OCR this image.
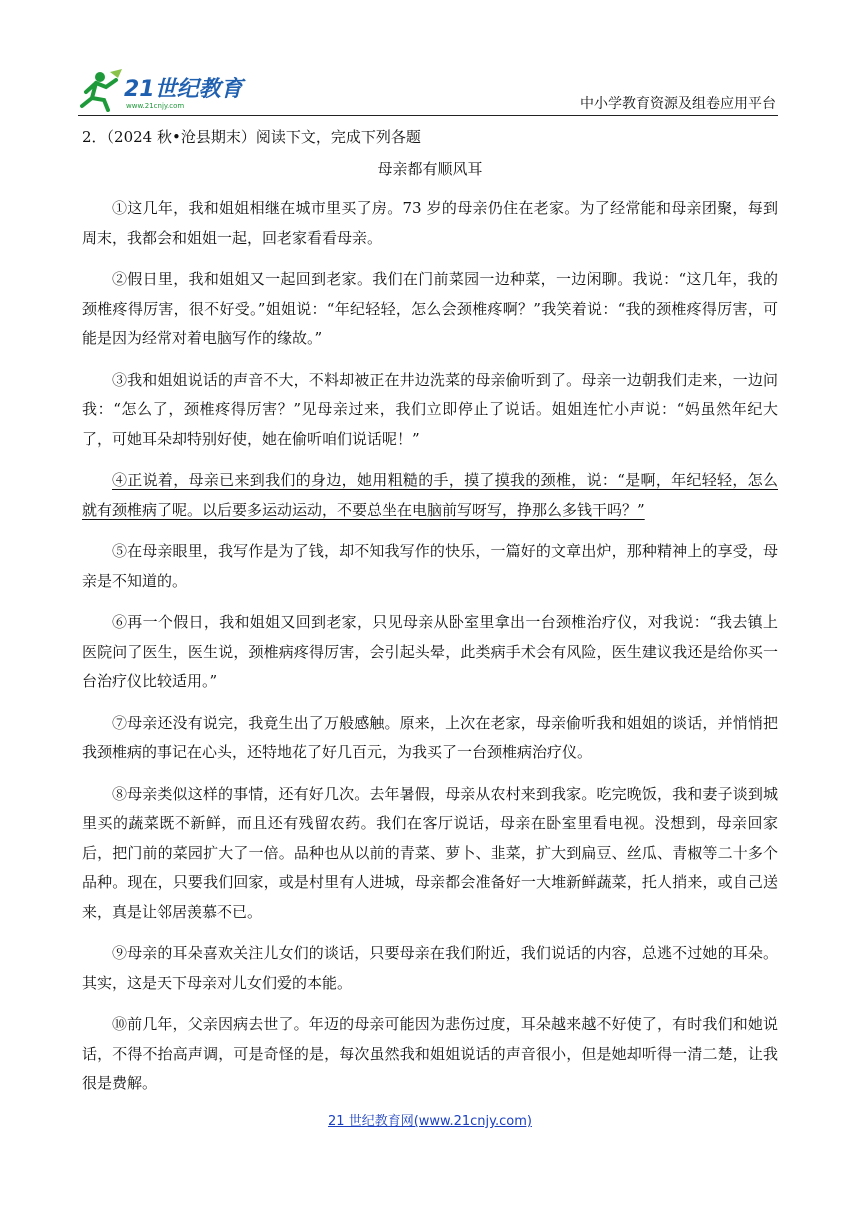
21世纪教育
www.21cnjy.com	中小学教育资源及组卷应用平台

2．（2024 秋•沧县期末）阅读下文，完成下列各题

母亲都有顺风耳

①这几年，我和姐姐相继在城市里买了房。73 岁的母亲仍住在老家。为了经常能和母亲团聚，每到周末，我都会和姐姐一起，回老家看看母亲。

②假日里，我和姐姐又一起回到老家。我们在门前菜园一边种菜，一边闲聊。我说：“这几年，我的颈椎疼得厉害，很不好受。”姐姐说：“年纪轻轻，怎么会颈椎疼啊？”我笑着说：“我的颈椎疼得厉害，可能是因为经常对着电脑写作的缘故。”

③我和姐姐说话的声音不大，不料却被正在井边洗菜的母亲偷听到了。母亲一边朝我们走来，一边问我：“怎么了，颈椎疼得厉害？”见母亲过来，我们立即停止了说话。姐姐连忙小声说：“妈虽然年纪大了，可她耳朵却特别好使，她在偷听咱们说话呢！”

④正说着，母亲已来到我们的身边，她用粗糙的手，摸了摸我的颈椎，说：“是啊，年纪轻轻，怎么就有颈椎病了呢。以后要多运动运动，不要总坐在电脑前写呀写，挣那么多钱干吗？”

⑤在母亲眼里，我写作是为了钱，却不知我写作的快乐，一篇好的文章出炉，那种精神上的享受，母亲是不知道的。

⑥再一个假日，我和姐姐又回到老家，只见母亲从卧室里拿出一台颈椎治疗仪，对我说：“我去镇上医院问了医生，医生说，颈椎病疼得厉害，会引起头晕，此类病手术会有风险，医生建议我还是给你买一台治疗仪比较适用。”

⑦母亲还没有说完，我竟生出了万般感触。原来，上次在老家，母亲偷听我和姐姐的谈话，并悄悄把我颈椎病的事记在心头，还特地花了好几百元，为我买了一台颈椎病治疗仪。

⑧母亲类似这样的事情，还有好几次。去年暑假，母亲从农村来到我家。吃完晚饭，我和妻子谈到城里买的蔬菜既不新鲜，而且还有残留农药。我们在客厅说话，母亲在卧室里看电视。没想到，母亲回家后，把门前的菜园扩大了一倍。品种也从以前的青菜、萝卜、韭菜，扩大到扁豆、丝瓜、青椒等二十多个品种。现在，只要我们回家，或是村里有人进城，母亲都会准备好一大堆新鲜蔬菜，托人捎来，或自己送来，真是让邻居羡慕不已。

⑨母亲的耳朵喜欢关注儿女们的谈话，只要母亲在我们附近，我们说话的内容，总逃不过她的耳朵。其实，这是天下母亲对儿女们爱的本能。

⑩前几年，父亲因病去世了。年迈的母亲可能因为悲伤过度，耳朵越来越不好使了，有时我们和她说话，不得不抬高声调，可是奇怪的是，每次虽然我和姐姐说话的声音很小，但是她却听得一清二楚，让我很是费解。

21 世纪教育网(www.21cnjy.com)
